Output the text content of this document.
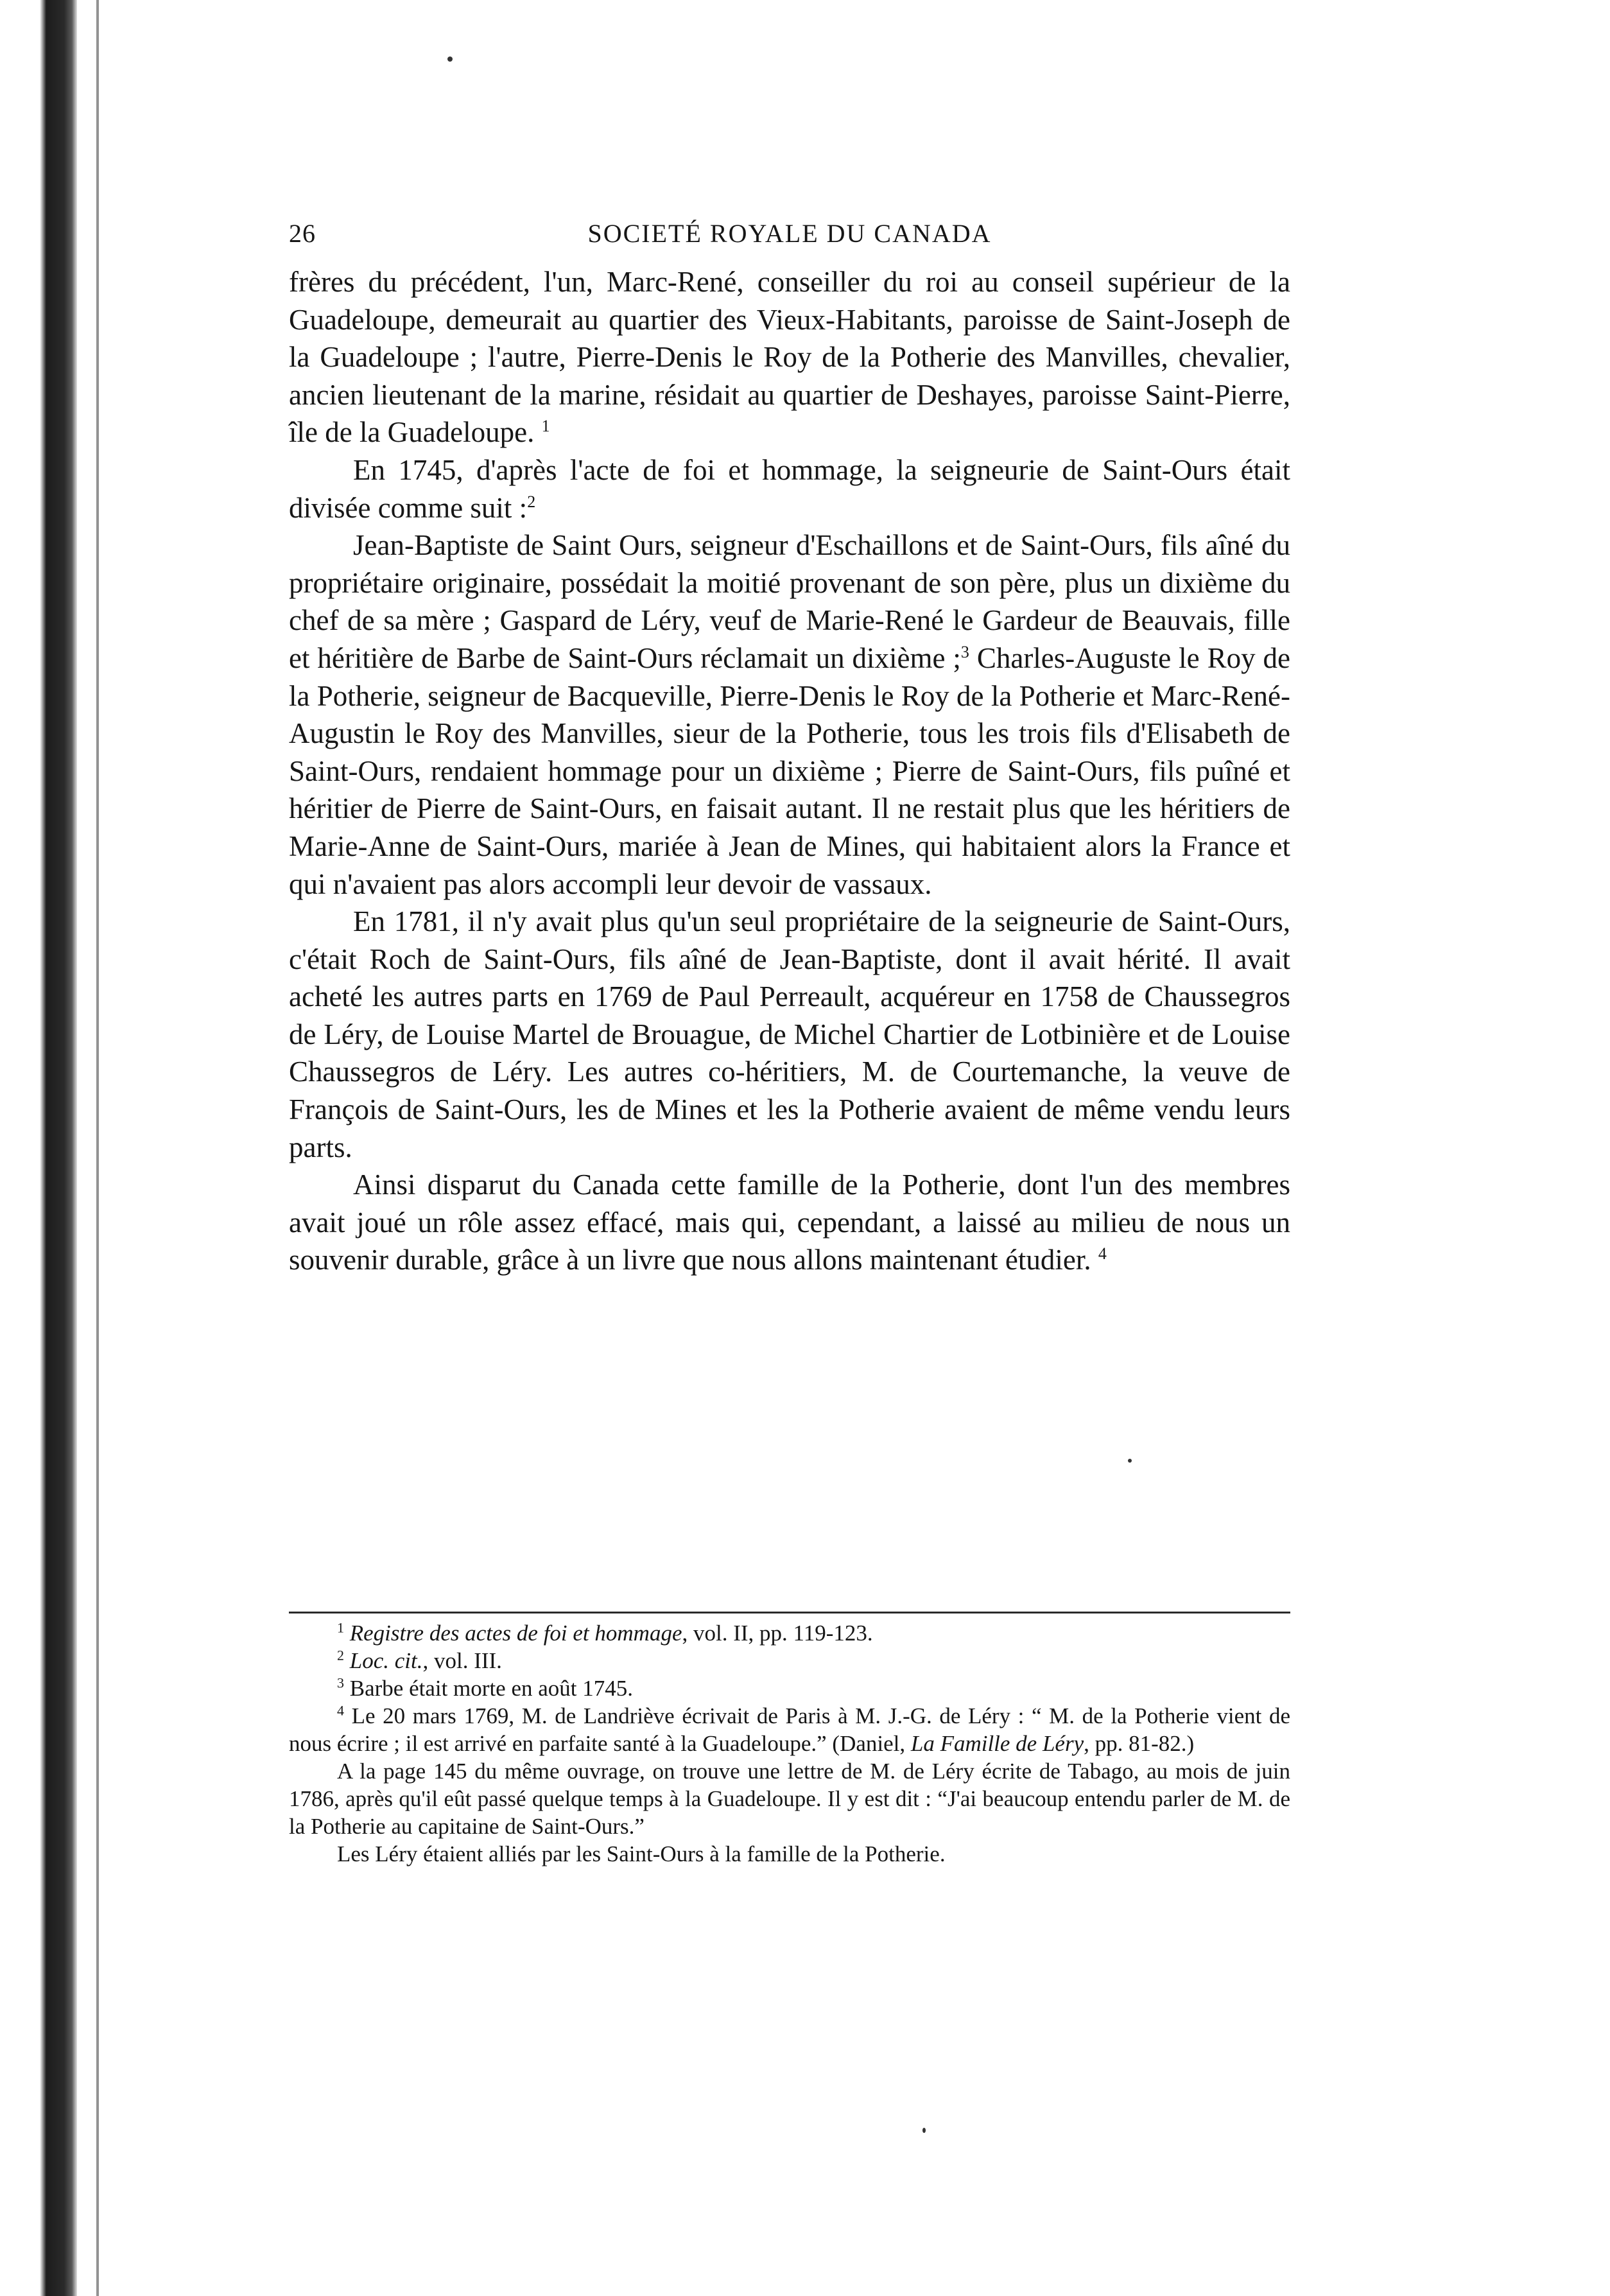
26	SOCIETÉ ROYALE DU CANADA

frères du précédent, l'un, Marc-René, conseiller du roi au conseil supérieur de la Guadeloupe, demeurait au quartier des Vieux-Habitants, paroisse de Saint-Joseph de la Guadeloupe ; l'autre, Pierre-Denis le Roy de la Potherie des Manvilles, chevalier, ancien lieutenant de la marine, résidait au quartier de Deshayes, paroisse Saint-Pierre, île de la Guadeloupe. $^1$

En 1745, d'après l'acte de foi et hommage, la seigneurie de Saint-Ours était divisée comme suit :$^2$

Jean-Baptiste de Saint Ours, seigneur d'Eschaillons et de Saint-Ours, fils aîné du propriétaire originaire, possédait la moitié provenant de son père, plus un dixième du chef de sa mère ; Gaspard de Léry, veuf de Marie-René le Gardeur de Beauvais, fille et héritière de Barbe de Saint-Ours réclamait un dixième ;$^3$ Charles-Auguste le Roy de la Potherie, seigneur de Bacqueville, Pierre-Denis le Roy de la Potherie et Marc-René-Augustin le Roy des Manvilles, sieur de la Potherie, tous les trois fils d'Elisabeth de Saint-Ours, rendaient hommage pour un dixième ; Pierre de Saint-Ours, fils puîné et héritier de Pierre de Saint-Ours, en faisait autant. Il ne restait plus que les héritiers de Marie-Anne de Saint-Ours, mariée à Jean de Mines, qui habitaient alors la France et qui n'avaient pas alors accompli leur devoir de vassaux.

En 1781, il n'y avait plus qu'un seul propriétaire de la seigneurie de Saint-Ours, c'était Roch de Saint-Ours, fils aîné de Jean-Baptiste, dont il avait hérité. Il avait acheté les autres parts en 1769 de Paul Perreault, acquéreur en 1758 de Chaussegros de Léry, de Louise Martel de Brouague, de Michel Chartier de Lotbinière et de Louise Chaussegros de Léry. Les autres co-héritiers, M. de Courtemanche, la veuve de François de Saint-Ours, les de Mines et les la Potherie avaient de même vendu leurs parts.

Ainsi disparut du Canada cette famille de la Potherie, dont l'un des membres avait joué un rôle assez effacé, mais qui, cependant, a laissé au milieu de nous un souvenir durable, grâce à un livre que nous allons maintenant étudier. $^4$

$^1$ Registre des actes de foi et hommage, vol. II, pp. 119-123.

$^2$ Loc. cit., vol. III.

$^3$ Barbe était morte en août 1745.

$^4$ Le 20 mars 1769, M. de Landriève écrivait de Paris à M. J.-G. de Léry : “ M. de la Potherie vient de nous écrire ; il est arrivé en parfaite santé à la Guadeloupe.” (Daniel, La Famille de Léry, pp. 81-82.)

A la page 145 du même ouvrage, on trouve une lettre de M. de Léry écrite de Tabago, au mois de juin 1786, après qu'il eût passé quelque temps à la Guadeloupe. Il y est dit : “J'ai beaucoup entendu parler de M. de la Potherie au capitaine de Saint-Ours.”

Les Léry étaient alliés par les Saint-Ours à la famille de la Potherie.
